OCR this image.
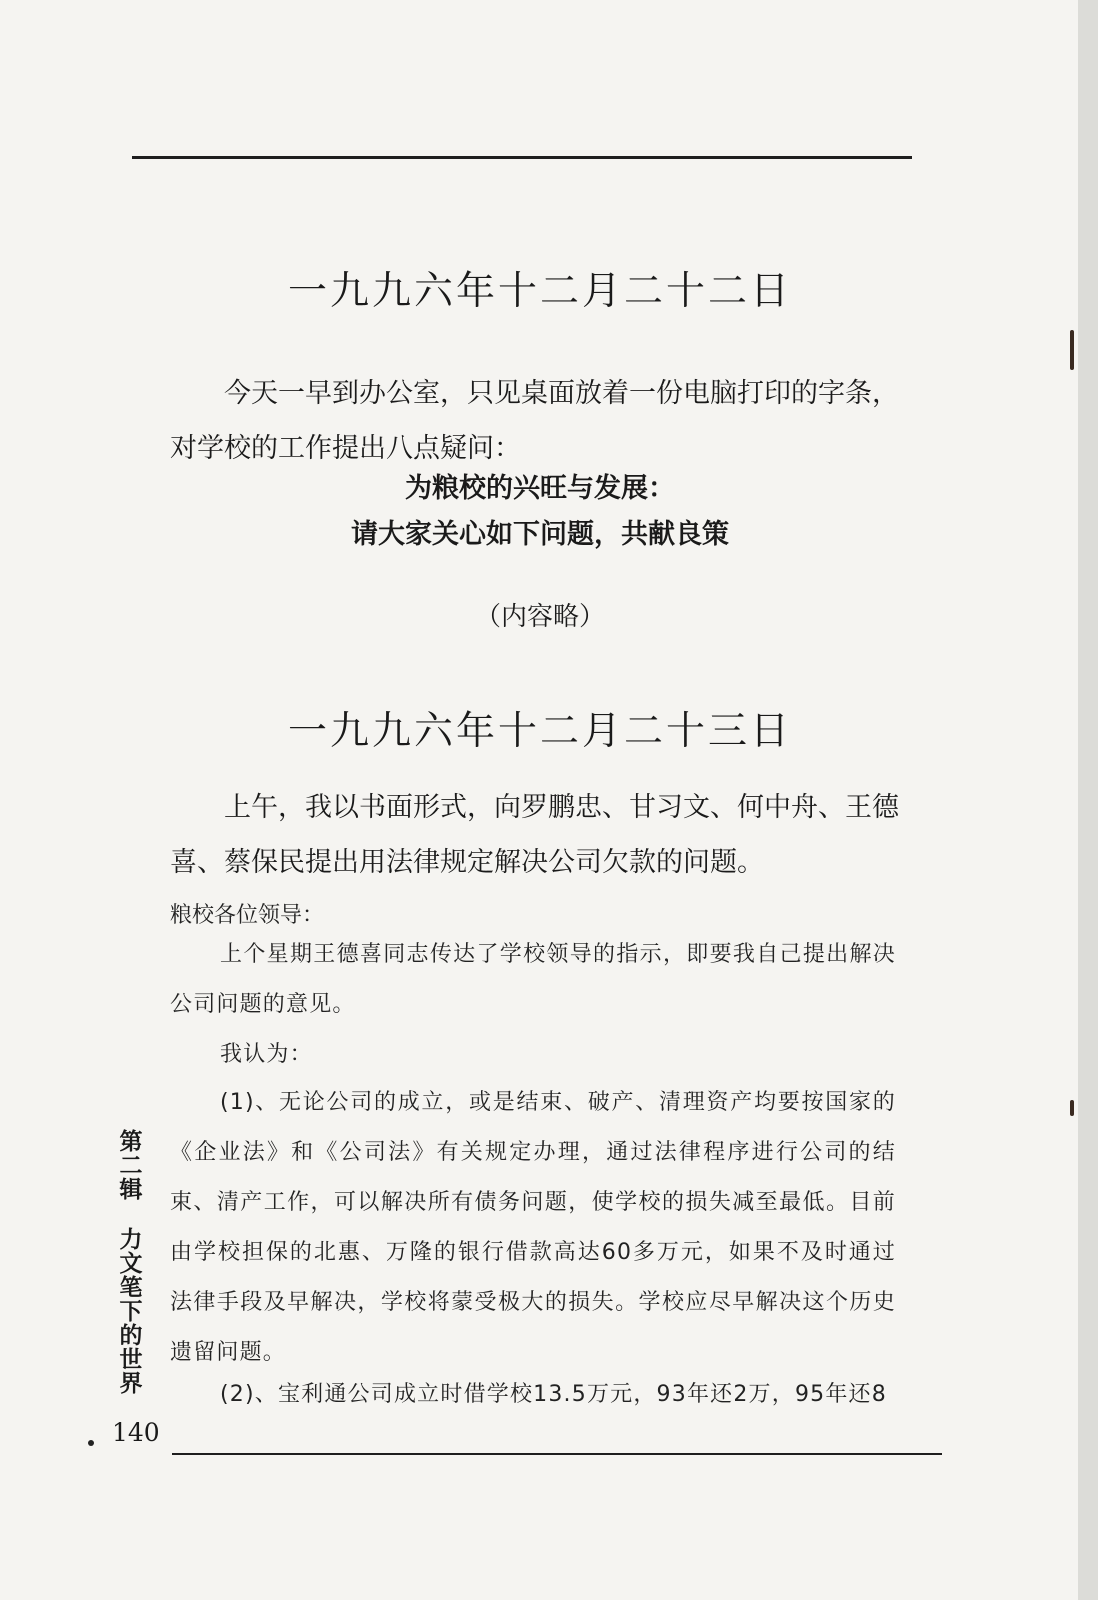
一九九六年十二月二十二日

今天一早到办公室，只见桌面放着一份电脑打印的字条，对学校的工作提出八点疑问：

为粮校的兴旺与发展：

请大家关心如下问题，共献良策

（内容略）

一九九六年十二月二十三日

上午，我以书面形式，向罗鹏忠、甘习文、何中舟、王德喜、蔡保民提出用法律规定解决公司欠款的问题。

粮校各位领导：

上个星期王德喜同志传达了学校领导的指示，即要我自己提出解决公司问题的意见。

我认为：

(1)、无论公司的成立，或是结束、破产、清理资产均要按国家的《企业法》和《公司法》有关规定办理，通过法律程序进行公司的结束、清产工作，可以解决所有债务问题，使学校的损失减至最低。目前由学校担保的北惠、万隆的银行借款高达60多万元，如果不及时通过法律手段及早解决，学校将蒙受极大的损失。学校应尽早解决这个历史遗留问题。

(2)、宝利通公司成立时借学校13.5万元，93年还2万，95年还8

第二辑
力文笔下的世界

140
